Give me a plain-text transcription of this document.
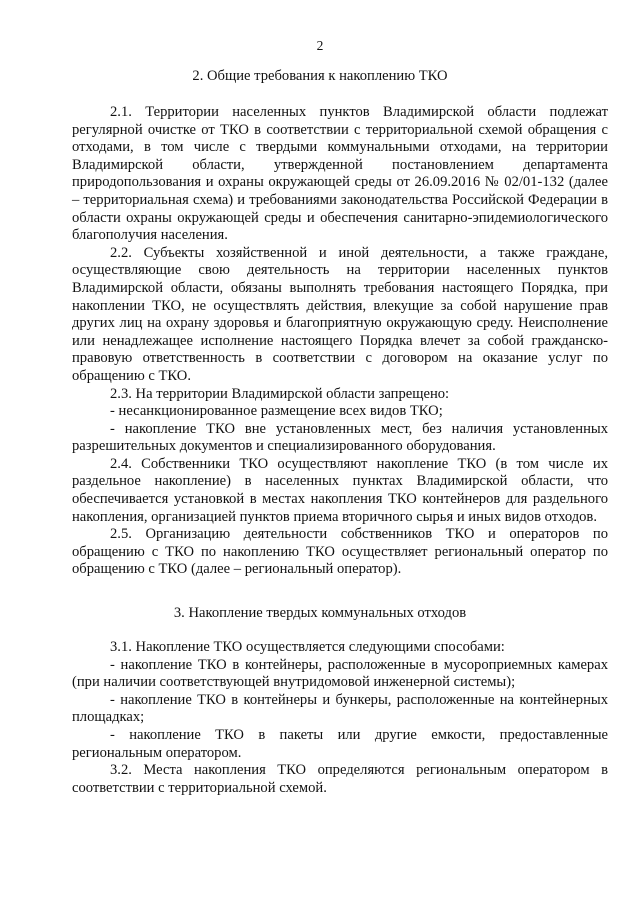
2
2. Общие требования к накоплению ТКО

2.1. Территории населенных пунктов Владимирской области подлежат регулярной очистке от ТКО в соответствии с территориальной схемой обращения с отходами, в том числе с твердыми коммунальными отходами, на территории Владимирской области, утвержденной постановлением департамента природопользования и охраны окружающей среды от 26.09.2016 № 02/01-132 (далее – территориальная схема) и требованиями законодательства Российской Федерации в области охраны окружающей среды и обеспечения санитарно-эпидемиологического благополучия населения.

2.2. Субъекты хозяйственной и иной деятельности, а также граждане, осуществляющие свою деятельность на территории населенных пунктов Владимирской области, обязаны выполнять требования настоящего Порядка, при накоплении ТКО, не осуществлять действия, влекущие за собой нарушение прав других лиц на охрану здоровья и благоприятную окружающую среду. Неисполнение или ненадлежащее исполнение настоящего Порядка влечет за собой гражданско-правовую ответственность в соответствии с договором на оказание услуг по обращению с ТКО.

2.3. На территории Владимирской области запрещено:

- несанкционированное размещение всех видов ТКО;

- накопление ТКО вне установленных мест, без наличия установленных разрешительных документов и специализированного оборудования.

2.4. Собственники ТКО осуществляют накопление ТКО (в том числе их раздельное накопление) в населенных пунктах Владимирской области, что обеспечивается установкой в местах накопления ТКО контейнеров для раздельного накопления, организацией пунктов приема вторичного сырья и иных видов отходов.

2.5. Организацию деятельности собственников ТКО и операторов по обращению с ТКО по накоплению ТКО осуществляет региональный оператор по обращению с ТКО (далее – региональный оператор).

3. Накопление твердых коммунальных отходов

3.1. Накопление ТКО осуществляется следующими способами:

- накопление ТКО в контейнеры, расположенные в мусороприемных камерах (при наличии соответствующей внутридомовой инженерной системы);

- накопление ТКО в контейнеры и бункеры, расположенные на контейнерных площадках;

- накопление ТКО в пакеты или другие емкости, предоставленные региональным оператором.

3.2. Места накопления ТКО определяются региональным оператором в соответствии с территориальной схемой.
